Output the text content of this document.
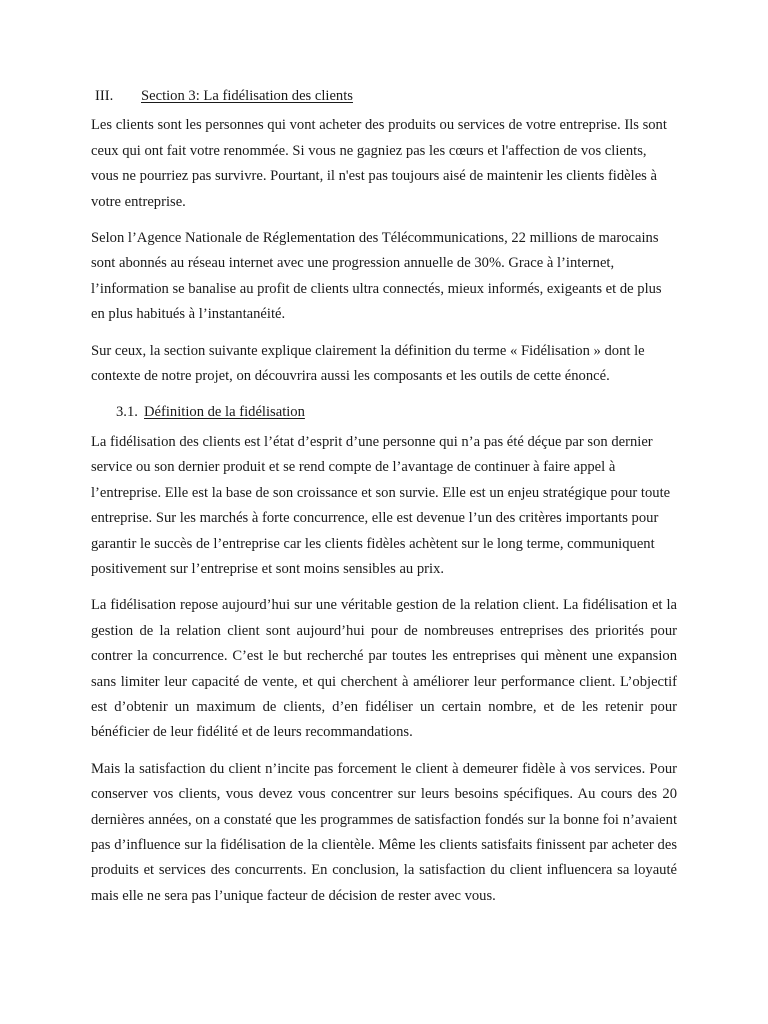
III.	Section 3: La fidélisation des clients

Les clients sont les personnes qui vont acheter des produits ou services de votre entreprise. Ils sont ceux qui ont fait votre renommée. Si vous ne gagniez pas les cœurs et l'affection de vos clients, vous ne pourriez pas survivre. Pourtant, il n'est pas toujours aisé de maintenir les clients fidèles à votre entreprise.

Selon l’Agence Nationale de Réglementation des Télécommunications, 22 millions de marocains sont abonnés au réseau internet avec une progression annuelle de 30%. Grace à l’internet, l’information se banalise au profit de clients ultra connectés, mieux informés, exigeants et de plus en plus habitués à l’instantanéité.

Sur ceux, la section suivante explique clairement la définition du terme « Fidélisation » dont le contexte de notre projet, on découvrira aussi les composants et les outils de cette énoncé.

3.1. Définition de la fidélisation

La fidélisation des clients est l’état d’esprit d’une personne qui n’a pas été déçue par son dernier service ou son dernier produit et se rend compte de l’avantage de continuer à faire appel à l’entreprise. Elle est la base de son croissance et son survie. Elle est un enjeu stratégique pour toute entreprise. Sur les marchés à forte concurrence, elle est devenue l’un des critères importants pour garantir le succès de l’entreprise car les clients fidèles achètent sur le long terme, communiquent positivement sur l’entreprise et sont moins sensibles au prix.

La fidélisation repose aujourd’hui sur une véritable gestion de la relation client. La fidélisation et la gestion de la relation client sont aujourd’hui pour de nombreuses entreprises des priorités pour contrer la concurrence. C’est le but recherché par toutes les entreprises qui mènent une expansion sans limiter leur capacité de vente, et qui cherchent à améliorer leur performance client. L’objectif est d’obtenir un maximum de clients, d’en fidéliser un certain nombre, et de les retenir pour bénéficier de leur fidélité et de leurs recommandations.

Mais la satisfaction du client n’incite pas forcement le client à demeurer fidèle à vos services. Pour conserver vos clients, vous devez vous concentrer sur leurs besoins spécifiques. Au cours des 20 dernières années, on a constaté que les programmes de satisfaction fondés sur la bonne foi n’avaient pas d’influence sur la fidélisation de la clientèle. Même les clients satisfaits finissent par acheter des produits et services des concurrents. En conclusion, la satisfaction du client influencera sa loyauté mais elle ne sera pas l’unique facteur de décision de rester avec vous.
